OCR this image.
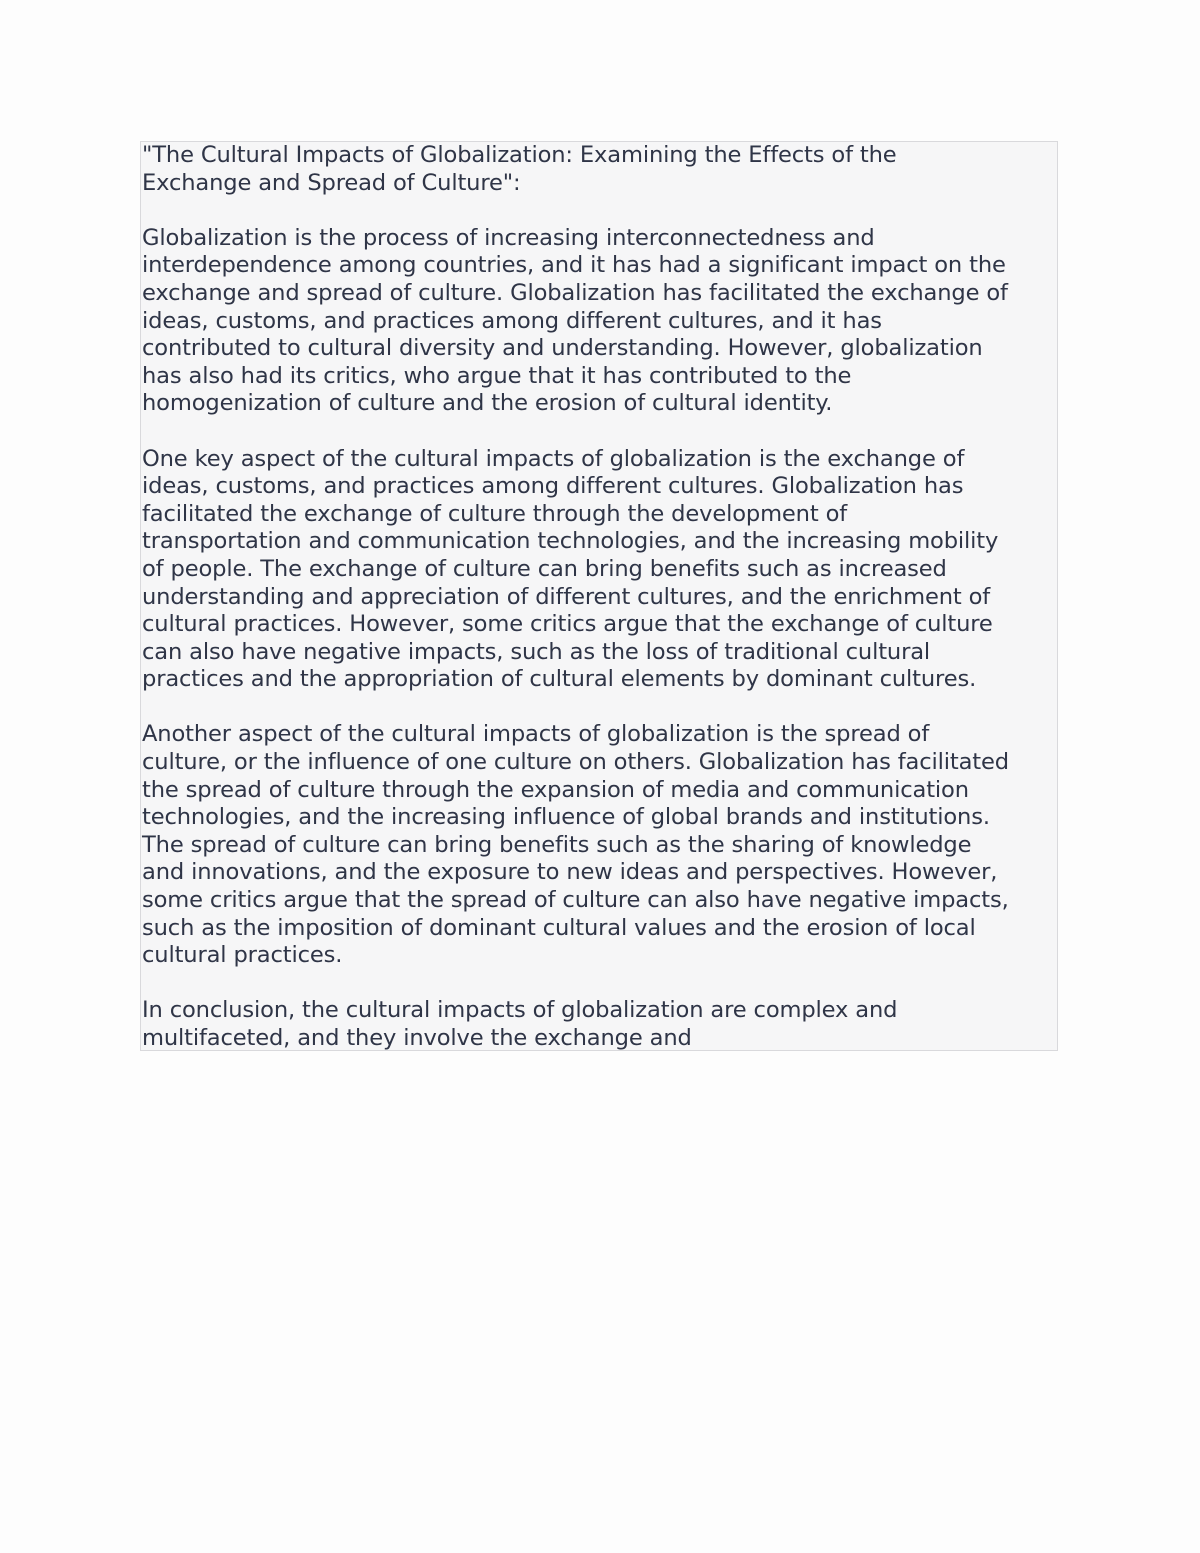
"The Cultural Impacts of Globalization: Examining the Effects of the
Exchange and Spread of Culture":
Globalization is the process of increasing interconnectedness and
interdependence among countries, and it has had a significant impact on the
exchange and spread of culture. Globalization has facilitated the exchange of
ideas, customs, and practices among different cultures, and it has
contributed to cultural diversity and understanding. However, globalization
has also had its critics, who argue that it has contributed to the
homogenization of culture and the erosion of cultural identity.
One key aspect of the cultural impacts of globalization is the exchange of
ideas, customs, and practices among different cultures. Globalization has
facilitated the exchange of culture through the development of
transportation and communication technologies, and the increasing mobility
of people. The exchange of culture can bring benefits such as increased
understanding and appreciation of different cultures, and the enrichment of
cultural practices. However, some critics argue that the exchange of culture
can also have negative impacts, such as the loss of traditional cultural
practices and the appropriation of cultural elements by dominant cultures.
Another aspect of the cultural impacts of globalization is the spread of
culture, or the influence of one culture on others. Globalization has facilitated
the spread of culture through the expansion of media and communication
technologies, and the increasing influence of global brands and institutions.
The spread of culture can bring benefits such as the sharing of knowledge
and innovations, and the exposure to new ideas and perspectives. However,
some critics argue that the spread of culture can also have negative impacts,
such as the imposition of dominant cultural values and the erosion of local
cultural practices.
In conclusion, the cultural impacts of globalization are complex and
multifaceted, and they involve the exchange and
